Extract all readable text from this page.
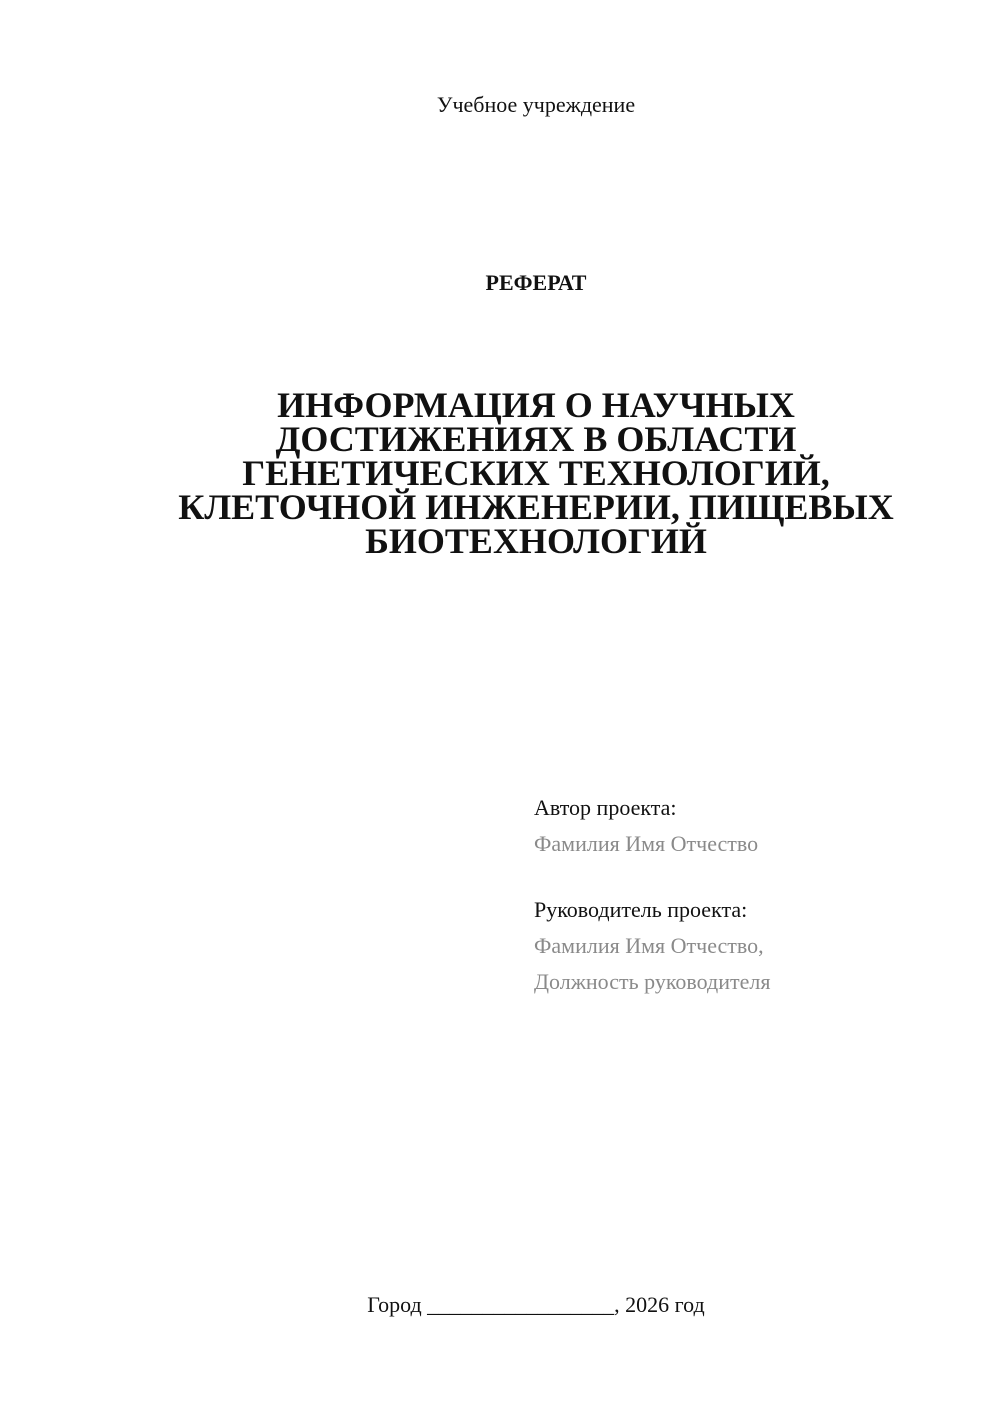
Учебное учреждение

РЕФЕРАТ

ИНФОРМАЦИЯ О НАУЧНЫХ
ДОСТИЖЕНИЯХ В ОБЛАСТИ
ГЕНЕТИЧЕСКИХ ТЕХНОЛОГИЙ,
КЛЕТОЧНОЙ ИНЖЕНЕРИИ, ПИЩЕВЫХ
БИОТЕХНОЛОГИЙ
Автор проекта:
Фамилия Имя Отчество
Руководитель проекта:
Фамилия Имя Отчество,
Должность руководителя

Город _________________, 2026 год
